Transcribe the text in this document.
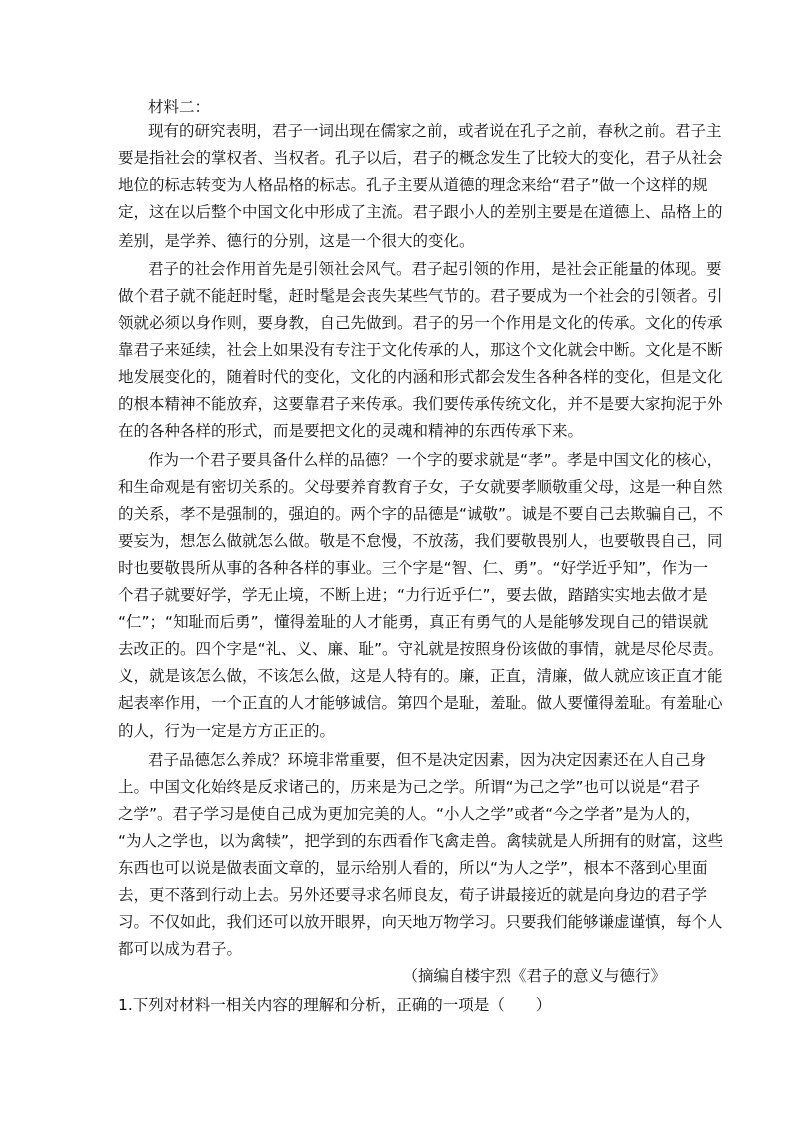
材料二：

现有的研究表明，君子一词出现在儒家之前，或者说在孔子之前，春秋之前。君子主

要是指社会的掌权者、当权者。孔子以后，君子的概念发生了比较大的变化，君子从社会

地位的标志转变为人格品格的标志。孔子主要从道德的理念来给“君子”做一个这样的规

定，这在以后整个中国文化中形成了主流。君子跟小人的差别主要是在道德上、品格上的

差别，是学养、德行的分别，这是一个很大的变化。

君子的社会作用首先是引领社会风气。君子起引领的作用，是社会正能量的体现。要

做个君子就不能赶时髦，赶时髦是会丧失某些气节的。君子要成为一个社会的引领者。引

领就必须以身作则，要身教，自己先做到。君子的另一个作用是文化的传承。文化的传承

靠君子来延续，社会上如果没有专注于文化传承的人，那这个文化就会中断。文化是不断

地发展变化的，随着时代的变化，文化的内涵和形式都会发生各种各样的变化，但是文化

的根本精神不能放弃，这要靠君子来传承。我们要传承传统文化，并不是要大家拘泥于外

在的各种各样的形式，而是要把文化的灵魂和精神的东西传承下来。

作为一个君子要具备什么样的品德？一个字的要求就是“孝”。孝是中国文化的核心，

和生命观是有密切关系的。父母要养育教育子女，子女就要孝顺敬重父母，这是一种自然

的关系，孝不是强制的，强迫的。两个字的品德是“诚敬”。诚是不要自己去欺骗自己，不

要妄为，想怎么做就怎么做。敬是不怠慢，不放荡，我们要敬畏别人，也要敬畏自己，同

时也要敬畏所从事的各种各样的事业。三个字是“智、仁、勇”。“好学近乎知”，作为一

个君子就要好学，学无止境，不断上进；“力行近乎仁”，要去做，踏踏实实地去做才是

“仁”；“知耻而后勇”，懂得羞耻的人才能勇，真正有勇气的人是能够发现自己的错误就

去改正的。四个字是“礼、义、廉、耻”。守礼就是按照身份该做的事情，就是尽伦尽责。

义，就是该怎么做，不该怎么做，这是人特有的。廉，正直，清廉，做人就应该正直才能

起表率作用，一个正直的人才能够诚信。第四个是耻，羞耻。做人要懂得羞耻。有羞耻心

的人，行为一定是方方正正的。

君子品德怎么养成？环境非常重要，但不是决定因素，因为决定因素还在人自己身

上。中国文化始终是反求诸己的，历来是为己之学。所谓“为己之学”也可以说是“君子

之学”。君子学习是使自己成为更加完美的人。“小人之学”或者“今之学者”是为人的，

“为人之学也，以为禽犊”，把学到的东西看作飞禽走兽。禽犊就是人所拥有的财富，这些

东西也可以说是做表面文章的，显示给别人看的，所以“为人之学”，根本不落到心里面

去，更不落到行动上去。另外还要寻求名师良友，荀子讲最接近的就是向身边的君子学

习。不仅如此，我们还可以放开眼界，向天地万物学习。只要我们能够谦虚谨慎，每个人

都可以成为君子。

（摘编自楼宇烈《君子的意义与德行》

1.下列对材料一相关内容的理解和分析，正确的一项是（　　）
